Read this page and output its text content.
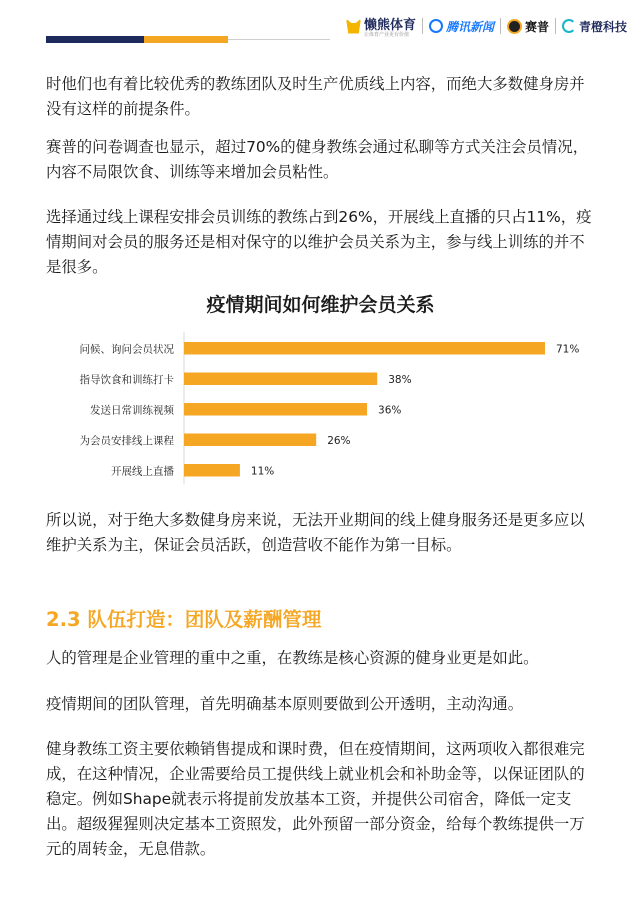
懒熊体育
让体育产业更有价值
腾讯新闻	赛普	青橙科技

时他们也有着比较优秀的教练团队及时生产优质线上内容，而绝大多数健身房并没有这样的前提条件。

赛普的问卷调查也显示，超过70%的健身教练会通过私聊等方式关注会员情况，内容不局限饮食、训练等来增加会员粘性。

选择通过线上课程安排会员训练的教练占到26%，开展线上直播的只占11%，疫情期间对会员的服务还是相对保守的以维护会员关系为主，参与线上训练的并不是很多。

疫情期间如何维护会员关系
问候、询问会员状况	71%
指导饮食和训练打卡	38%
发送日常训练视频	36%
为会员安排线上课程	26%
开展线上直播	11%

所以说，对于绝大多数健身房来说，无法开业期间的线上健身服务还是更多应以维护关系为主，保证会员活跃，创造营收不能作为第一目标。

2.3 队伍打造：团队及薪酬管理

人的管理是企业管理的重中之重，在教练是核心资源的健身业更是如此。

疫情期间的团队管理，首先明确基本原则要做到公开透明，主动沟通。

健身教练工资主要依赖销售提成和课时费，但在疫情期间，这两项收入都很难完成，在这种情况，企业需要给员工提供线上就业机会和补助金等，以保证团队的稳定。例如Shape就表示将提前发放基本工资，并提供公司宿舍，降低一定支出。超级猩猩则决定基本工资照发，此外预留一部分资金，给每个教练提供一万元的周转金，无息借款。
